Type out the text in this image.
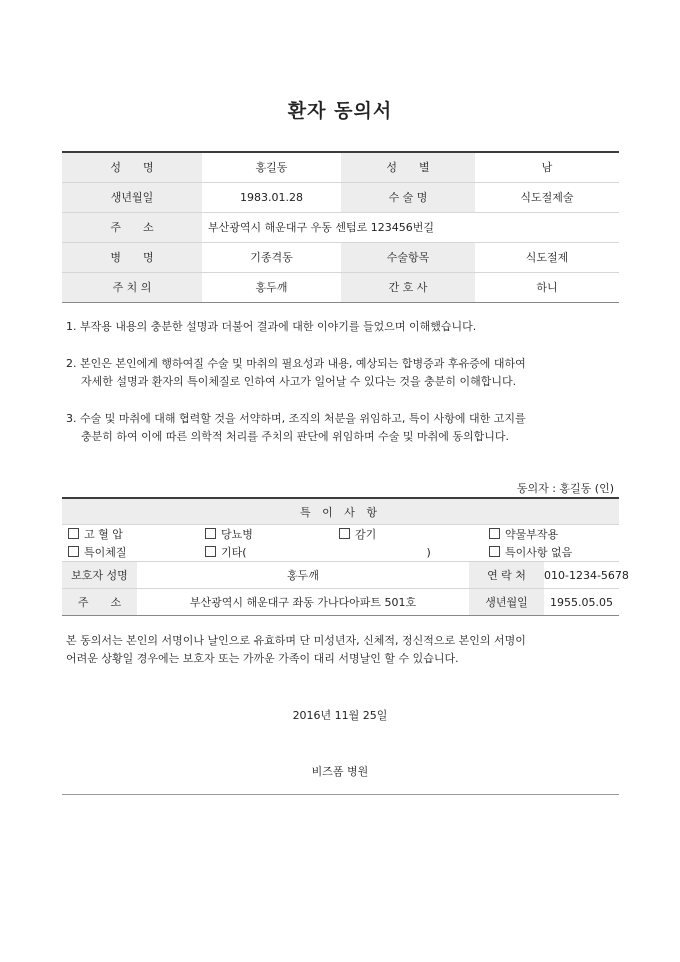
환자 동의서
성　　명	홍길동	성　　별	남
생년월일	1983.01.28	수 술 명	식도절제술
주　　소	부산광역시 해운대구 우동 센텀로 123456번길		
병　　명	기종격동	수술항목	식도절제
주 치 의	홍두깨	간 호 사	하니

1. 부작용 내용의 충분한 설명과 더불어 결과에 대한 이야기를 들었으며 이해했습니다.

2. 본인은 본인에게 행하여질 수술 및 마취의 필요성과 내용, 예상되는 합병증과 후유증에 대하여
자세한 설명과 환자의 특이체질로 인하여 사고가 일어날 수 있다는 것을 충분히 이해합니다.

3. 수술 및 마취에 대해 협력할 것을 서약하며, 조직의 처분을 위임하고, 특이 사항에 대한 고지를
충분히 하여 이에 따른 의학적 처리를 주치의 판단에 위임하며 수술 및 마취에 동의합니다.

동의자 : 홍길동 (인)
특 이 사 항						
고 혈 압		당뇨병	감기		약물부작용	
특이체질		기타( )			특이사항 없음	
보호자 성명	홍두깨			연 락 처		010-1234-5678
주　　소	부산광역시 해운대구 좌동 가나다아파트 501호			생년월일		1955.05.05
본 동의서는 본인의 서명이나 날인으로 유효하며 단 미성년자, 신체적, 정신적으로 본인의 서명이
어려운 상황일 경우에는 보호자 또는 가까운 가족이 대리 서명날인 할 수 있습니다.
2016년 11월 25일
비즈폼 병원
